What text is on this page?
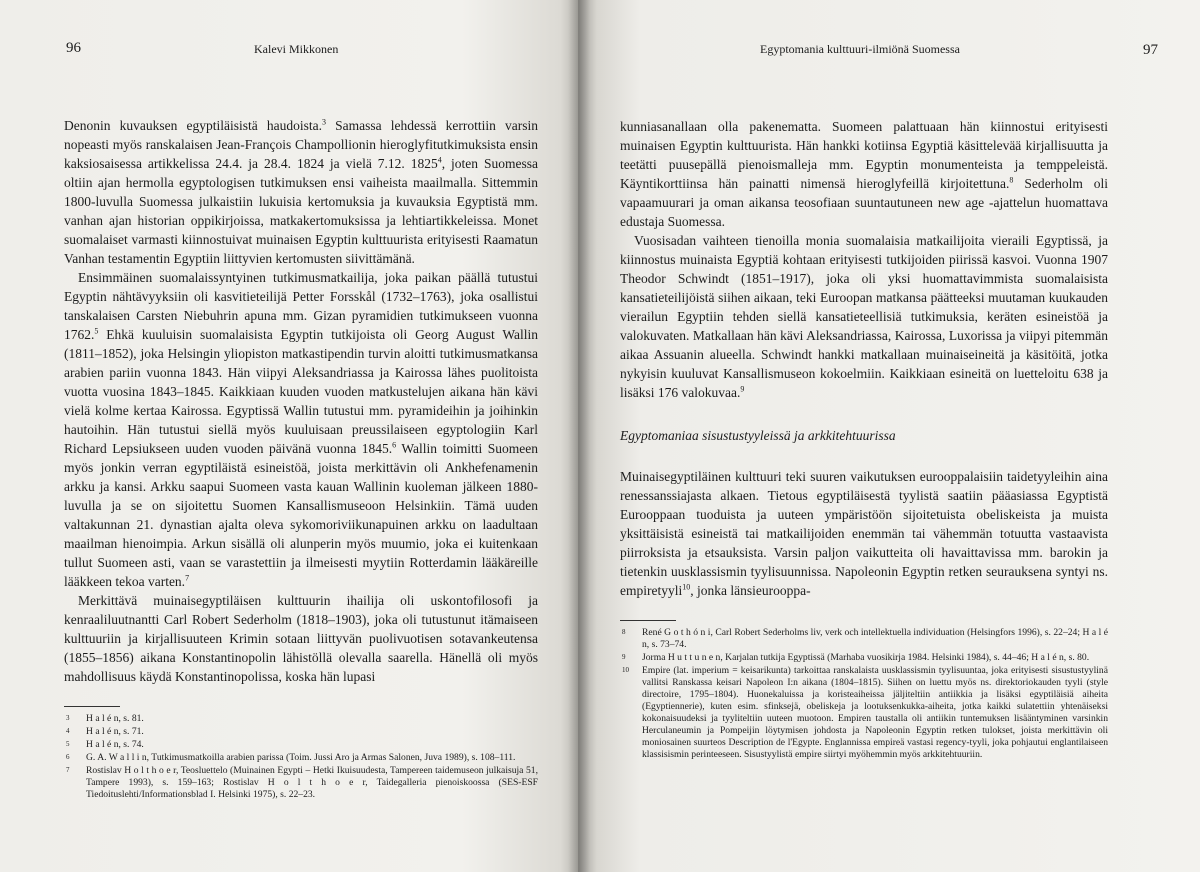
96	Kalevi Mikkonen

Denonin kuvauksen egyptiläisistä haudoista.$^3$ Samassa lehdessä kerrottiin varsin nopeasti myös ranskalaisen Jean-François Champollionin hieroglyfitutkimuksista ensin kaksiosaisessa artikkelissa 24.4. ja 28.4. 1824 ja vielä 7.12. 1825$^4$, joten Suomessa oltiin ajan hermolla egyptologisen tutkimuksen ensi vaiheista maailmalla. Sittemmin 1800-luvulla Suomessa julkaistiin lukuisia kertomuksia ja kuvauksia Egyptistä mm. vanhan ajan historian oppikirjoissa, matkakertomuksissa ja lehtiartikkeleissa. Monet suomalaiset varmasti kiinnostuivat muinaisen Egyptin kulttuurista erityisesti Raamatun Vanhan testamentin Egyptiin liittyvien kertomusten siivittämänä.

Ensimmäinen suomalaissyntyinen tutkimusmatkailija, joka paikan päällä tutustui Egyptin nähtävyyksiin oli kasvitieteilijä Petter Forsskål (1732–1763), joka osallistui tanskalaisen Carsten Niebuhrin apuna mm. Gizan pyramidien tutkimukseen vuonna 1762.$^5$ Ehkä kuuluisin suomalaisista Egyptin tutkijoista oli Georg August Wallin (1811–1852), joka Helsingin yliopiston matkastipendin turvin aloitti tutkimusmatkansa arabien pariin vuonna 1843. Hän viipyi Aleksandriassa ja Kairossa lähes puolitoista vuotta vuosina 1843–1845. Kaikkiaan kuuden vuoden matkustelujen aikana hän kävi vielä kolme kertaa Kairossa. Egyptissä Wallin tutustui mm. pyramideihin ja joihinkin hautoihin. Hän tutustui siellä myös kuuluisaan preussilaiseen egyptologiin Karl Richard Lepsiukseen uuden vuoden päivänä vuonna 1845.$^6$ Wallin toimitti Suomeen myös jonkin verran egyptiläistä esineistöä, joista merkittävin oli Ankhefenamenin arkku ja kansi. Arkku saapui Suomeen vasta kauan Wallinin kuoleman jälkeen 1880-luvulla ja se on sijoitettu Suomen Kansallismuseoon Helsinkiin. Tämä uuden valtakunnan 21. dynastian ajalta oleva sykomoriviikunapuinen arkku on laadultaan maailman hienoimpia. Arkun sisällä oli alunperin myös muumio, joka ei kuitenkaan tullut Suomeen asti, vaan se varastettiin ja ilmeisesti myytiin Rotterdamin lääkäreille lääkkeen tekoa varten.$^7$

Merkittävä muinaisegyptiläisen kulttuurin ihailija oli uskontofilosofi ja kenraaliluutnantti Carl Robert Sederholm (1818–1903), joka oli tutustunut itämaiseen kulttuuriin ja kirjallisuuteen Krimin sotaan liittyvän puolivuotisen sotavankeutensa (1855–1856) aikana Konstantinopolin lähistöllä olevalla saarella. Hänellä oli myös mahdollisuus käydä Konstantinopolissa, koska hän lupasi

3	H a l é n, s. 81.
4	H a l é n, s. 71.
5	H a l é n, s. 74.
6	G. A. W a l l i n, Tutkimusmatkoilla arabien parissa (Toim. Jussi Aro ja Armas Salonen, Juva 1989), s. 108–111.
7	Rostislav H o l t h o e r, Teosluettelo (Muinainen Egypti – Hetki Ikuisuudesta, Tampereen taidemuseon julkaisuja 51, Tampere 1993), s. 159–163; Rostislav H o l t h o e r, Taidegalleria pienoiskoossa (SES-ESF Tiedoituslehti/Informationsblad I. Helsinki 1975), s. 22–23.
Egyptomania kulttuuri-ilmiönä Suomessa	97

kunniasanallaan olla pakenematta. Suomeen palattuaan hän kiinnostui erityisesti muinaisen Egyptin kulttuurista. Hän hankki kotiinsa Egyptiä käsittelevää kirjallisuutta ja teetätti puusepällä pienoismalleja mm. Egyptin monumenteista ja temppeleistä. Käyntikorttiinsa hän painatti nimensä hieroglyfeillä kirjoitettuna.$^8$ Sederholm oli vapaamuurari ja oman aikansa teosofiaan suuntautuneen new age -ajattelun huomattava edustaja Suomessa.

Vuosisadan vaihteen tienoilla monia suomalaisia matkailijoita vieraili Egyptissä, ja kiinnostus muinaista Egyptiä kohtaan erityisesti tutkijoiden piirissä kasvoi. Vuonna 1907 Theodor Schwindt (1851–1917), joka oli yksi huomattavimmista suomalaisista kansatieteilijöistä siihen aikaan, teki Euroopan matkansa päätteeksi muutaman kuukauden vierailun Egyptiin tehden siellä kansatieteellisiä tutkimuksia, keräten esineistöä ja valokuvaten. Matkallaan hän kävi Aleksandriassa, Kairossa, Luxorissa ja viipyi pitemmän aikaa Assuanin alueella. Schwindt hankki matkallaan muinaiseineitä ja käsitöitä, jotka nykyisin kuuluvat Kansallismuseon kokoelmiin. Kaikkiaan esineitä on luetteloitu 638 ja lisäksi 176 valokuvaa.$^9$

Egyptomaniaa sisustustyyleissä ja arkkitehtuurissa

Muinaisegyptiläinen kulttuuri teki suuren vaikutuksen eurooppalaisiin taidetyyleihin aina renessanssiajasta alkaen. Tietous egyptiläisestä tyylistä saatiin pääasiassa Egyptistä Eurooppaan tuoduista ja uuteen ympäristöön sijoitetuista obeliskeista ja muista yksittäisistä esineistä tai matkailijoiden enemmän tai vähemmän totuutta vastaavista piirroksista ja etsauksista. Varsin paljon vaikutteita oli havaittavissa mm. barokin ja tietenkin uusklassismin tyylisuunnissa. Napoleonin Egyptin retken seurauksena syntyi ns. empiretyyli$^{10}$, jonka länsieurooppa-

8	René G o t h ó n i, Carl Robert Sederholms liv, verk och intellektuella individuation (Helsingfors 1996), s. 22–24; H a l é n, s. 73–74.
9	Jorma H u t t u n e n, Karjalan tutkija Egyptissä (Marhaba vuosikirja 1984. Helsinki 1984), s. 44–46; H a l é n, s. 80.
10	Empire (lat. imperium = keisarikunta) tarkoittaa ranskalaista uusklassismin tyylisuuntaa, joka erityisesti sisustustyylinä vallitsi Ranskassa keisari Napoleon I:n aikana (1804–1815). Siihen on luettu myös ns. direktoriokauden tyyli (style directoire, 1795–1804). Huonekaluissa ja koristeaiheissa jäljiteltiin antiikkia ja lisäksi egyptiläisiä aiheita (Egyptiennerie), kuten esim. sfinksejä, obeliskeja ja lootuksenkukka-aiheita, jotka kaikki sulatettiin yhtenäiseksi kokonaisuudeksi ja tyyliteltiin uuteen muotoon. Empiren taustalla oli antiikin tuntemuksen lisääntyminen varsinkin Herculaneumin ja Pompeijin löytymisen johdosta ja Napoleonin Egyptin retken tulokset, joista merkittävin oli moniosainen suurteos Description de l'Egypte. Englannissa empireä vastasi regency-tyyli, joka pohjautui englantilaiseen klassisismin perinteeseen. Sisustyylistä empire siirtyi myöhemmin myös arkkitehtuuriin.
